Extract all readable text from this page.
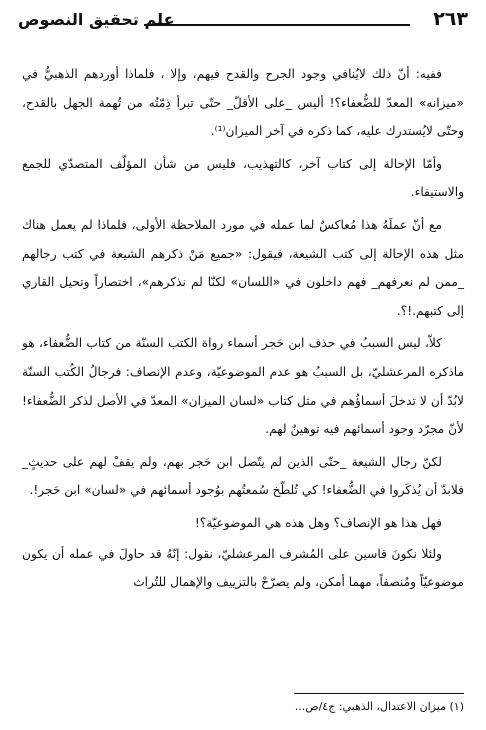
علم تحقيق النصوص	٢٦٣

ففيه: أنّ ذلك لايُنافي وجود الجرح والقدح فيهم، وإلا ، فلماذا أوردهم الذهبيُّ في «ميزانه» المعدّ للضُّعفاء؟! أليس _على الأقلّ_ حتّى تبرأ ذِمّتُه من تُهمة الجهل بالقدح، وحتّى لايُستدرك عليه، كما ذكره في آخر الميزان⁽¹⁾.

وأمّا الإحالة إلى كتاب آخر، كالتهذيب، فليس من شأن المؤلّف المتصدّي للجمع والاستيفاء.

مع أنّ عملَهُ هذا مُعاكسٌ لما عمله في مورد الملاحظة الأولى، فلماذا لم يعمل هناك مثل هذه الإحالة إلى كتب الشيعة، فيقول: «جميع مَنْ ذكرهم الشيعة في كتب رجالهم _ممن لم نعرفهم_ فهم داخلون في «اللسان» لكنّا لم نذكرهم»، اختصاراً وتحيل القاري إلى كتبهم.!؟.

كلاّ، ليس السببُ في حذف ابن حَجر أسماء رواة الكتب السنّة من كتاب الضُّعفاء، هو ماذكره المرعشليّ، بل السببُ هو عدم الموضوعيّة، وعدم الإنصاف: فرجالُ الكُتب السنّة لابُدّ أن لا تدخلَ أسماؤُهم في مثل كتاب «لسان الميزان» المعدّ في الأصل لذكر الضُّعفاء! لأنّ مجرّد وجود أسمائهم فيه توهينٌ لهم.

لكنّ رجال الشيعة _حتّى الذين لم يتّصل ابن حَجر بهم، ولم يقفْ لهم على حديثٍ_ فلابدّ أن يُذكَروا في الضُّعفاء! كي تُلطّخ سُمعتُهم بوُجود أسمائهم في «لسان» ابن حَجر!.

فهل هذا هو الإنصاف؟ وهل هذه هي الموضوعيّة؟!

ولئلا نكونَ قاسين على المُشرف المرعشليّ، نقول: إنّهُ قد حاولَ في عمله أن يكون موضوعيّاً ومُنصفاً، مهما أمكن، ولم يصرّحْ بالتزييف والإهمال للتُراث

(١) ميزان الاعتدال، الذهبي: ج٤/ص...
